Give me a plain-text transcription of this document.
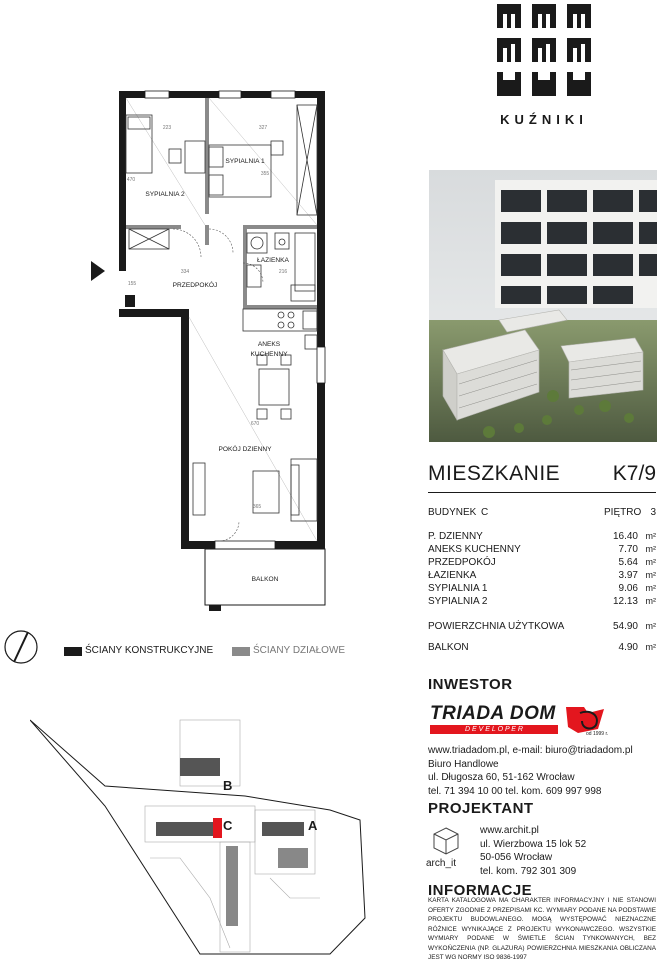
KUŹNIKI
SYPIALNIA 1
SYPIALNIA 2
ŁAZIENKA
PRZEDPOKÓJ
ANEKS
KUCHENNY
POKÓJ DZIENNY
BALKON
223	327
355
470
334	216
155
670
365
ŚCIANY KONSTRUKCYJNE	ŚCIANY DZIAŁOWE
MIESZKANIE	K7/9
BUDYNEK C	PIĘTRO 3
P. DZIENNY	16.40 m²
ANEKS KUCHENNY	7.70 m²
PRZEDPOKÓJ	5.64 m²
ŁAZIENKA	3.97 m²
SYPIALNIA 1	9.06 m²
SYPIALNIA 2	12.13 m²
POWIERZCHNIA UŻYTKOWA	54.90 m²
BALKON	4.90 m²
B
C	A
INWESTOR
TRIADA DOM
D E V E L O P E R
od 1999 r.
www.triadadom.pl, e-mail: biuro@triadadom.pl
Biuro Handlowe
ul. Długosza 60, 51-162 Wrocław
tel. 71 394 10 00 tel. kom. 609 997 998
PROJEKTANT
arch_it
www.archit.pl
ul. Wierzbowa 15 lok 52
50-056 Wrocław
tel. kom. 792 301 309
INFORMACJE
KARTA KATALOGOWA MA CHARAKTER INFORMACYJNY I NIE STANOWI OFERTY ZGODNIE Z PRZEPISAMI KC. WYMIARY PODANE NA PODSTAWIE PROJEKTU BUDOWLANEGO. MOGĄ WYSTĘPOWAĆ NIEZNACZNE RÓŻNICE WYNIKAJĄCE Z PROJEKTU WYKONAWCZEGO. WSZYSTKIE WYMIARY PODANE W ŚWIETLE ŚCIAN TYNKOWANYCH, BEZ WYKOŃCZENIA (NP. GLAZURA) POWIERZCHNIA MIESZKANIA OBLICZANA JEST WG NORMY ISO 9836-1997
